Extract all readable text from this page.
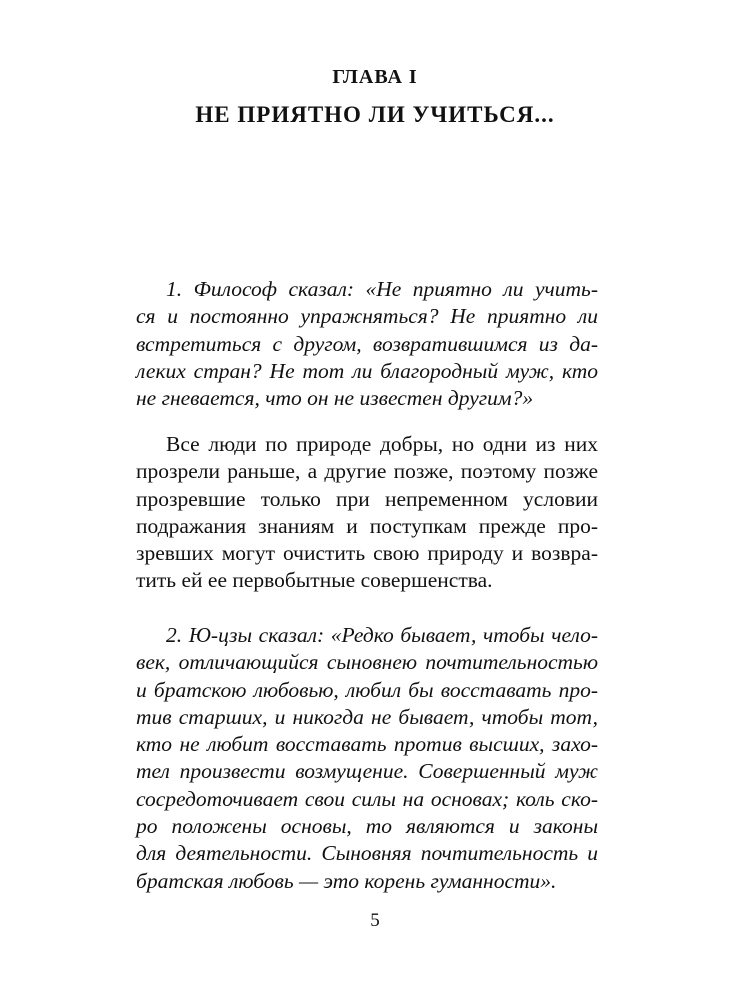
ГЛАВА I
НЕ ПРИЯТНО ЛИ УЧИТЬСЯ...
1. Философ сказал: «Не приятно ли учить-
ся и постоянно упражняться? Не приятно ли
встретиться с другом, возвратившимся из да-
леких стран? Не тот ли благородный муж, кто
не гневается, что он не известен другим?»
Все люди по природе добры, но одни из них
прозрели раньше, а другие позже, поэтому позже
прозревшие только при непременном условии
подражания знаниям и поступкам прежде про-
зревших могут очистить свою природу и возвра-
тить ей ее первобытные совершенства.
2. Ю-цзы сказал: «Редко бывает, чтобы чело-
век, отличающийся сыновнею почтительностью
и братскою любовью, любил бы восставать про-
тив старших, и никогда не бывает, чтобы тот,
кто не любит восставать против высших, захо-
тел произвести возмущение. Совершенный муж
сосредоточивает свои силы на основах; коль ско-
ро положены основы, то являются и законы
для деятельности. Сыновняя почтительность и
братская любовь — это корень гуманности».
5
